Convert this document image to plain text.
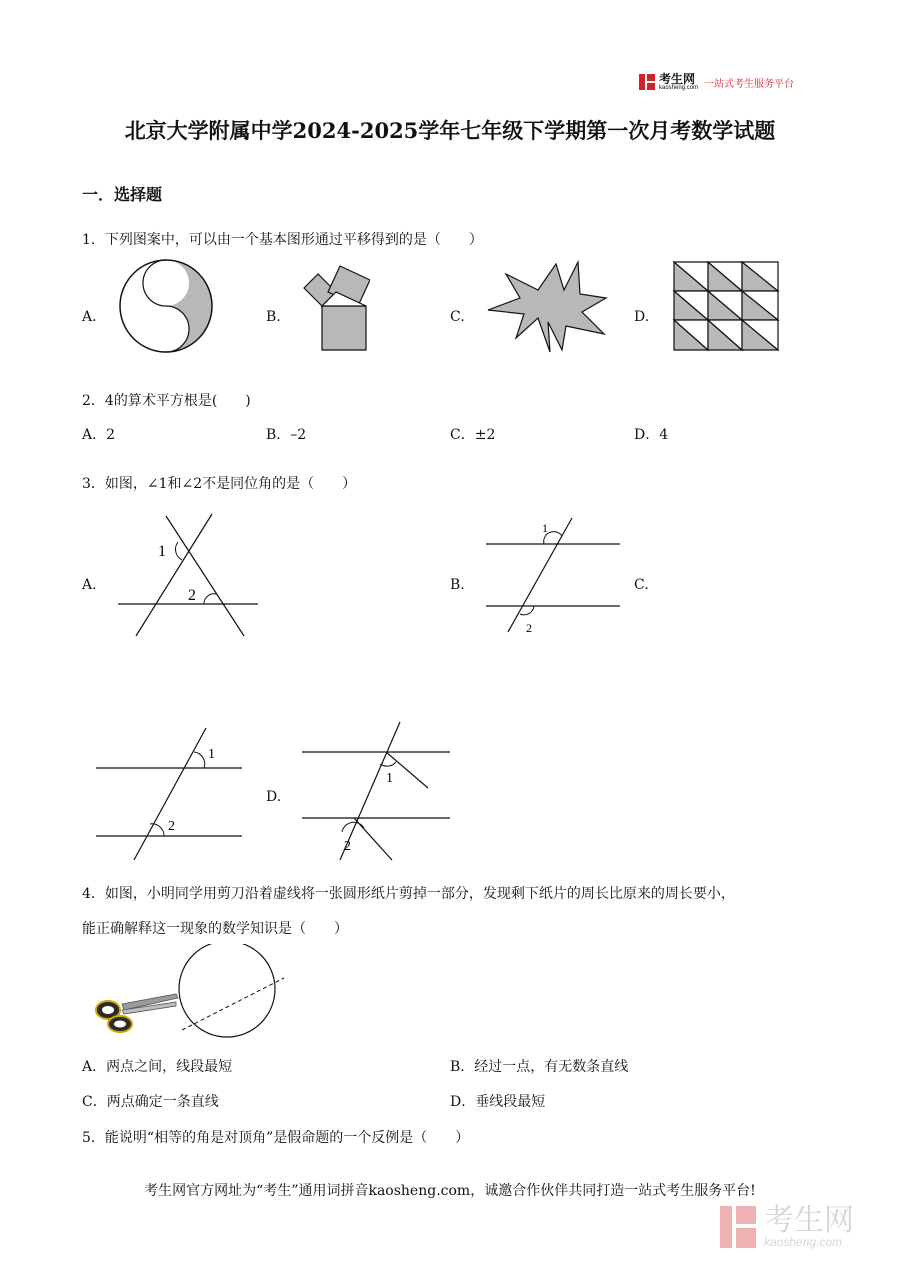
考生网
kaosheng.com 一站式考生服务平台
北京大学附属中学2024-2025学年七年级下学期第一次月考数学试题
一．选择题
1．下列图案中，可以由一个基本图形通过平移得到的是（　　）
A.	B.	C.	D.
2．4的算术平方根是(　　)
A．2	B．–2	C．±2	D．4
3．如图，∠1和∠2不是同位角的是（　　）
A.	B.	C.
D.
1
2
1
2
1
2
1
2
4．如图，小明同学用剪刀沿着虚线将一张圆形纸片剪掉一部分，发现剩下纸片的周长比原来的周长要小，
能正确解释这一现象的数学知识是（　　）
A．两点之间，线段最短	B．经过一点，有无数条直线
C．两点确定一条直线	D．垂线段最短
5．能说明“相等的角是对顶角”是假命题的一个反例是（　　）
考生网官方网址为“考生”通用词拼音kaosheng.com，诚邀合作伙伴共同打造一站式考生服务平台!
考生网
kaosheng.com
